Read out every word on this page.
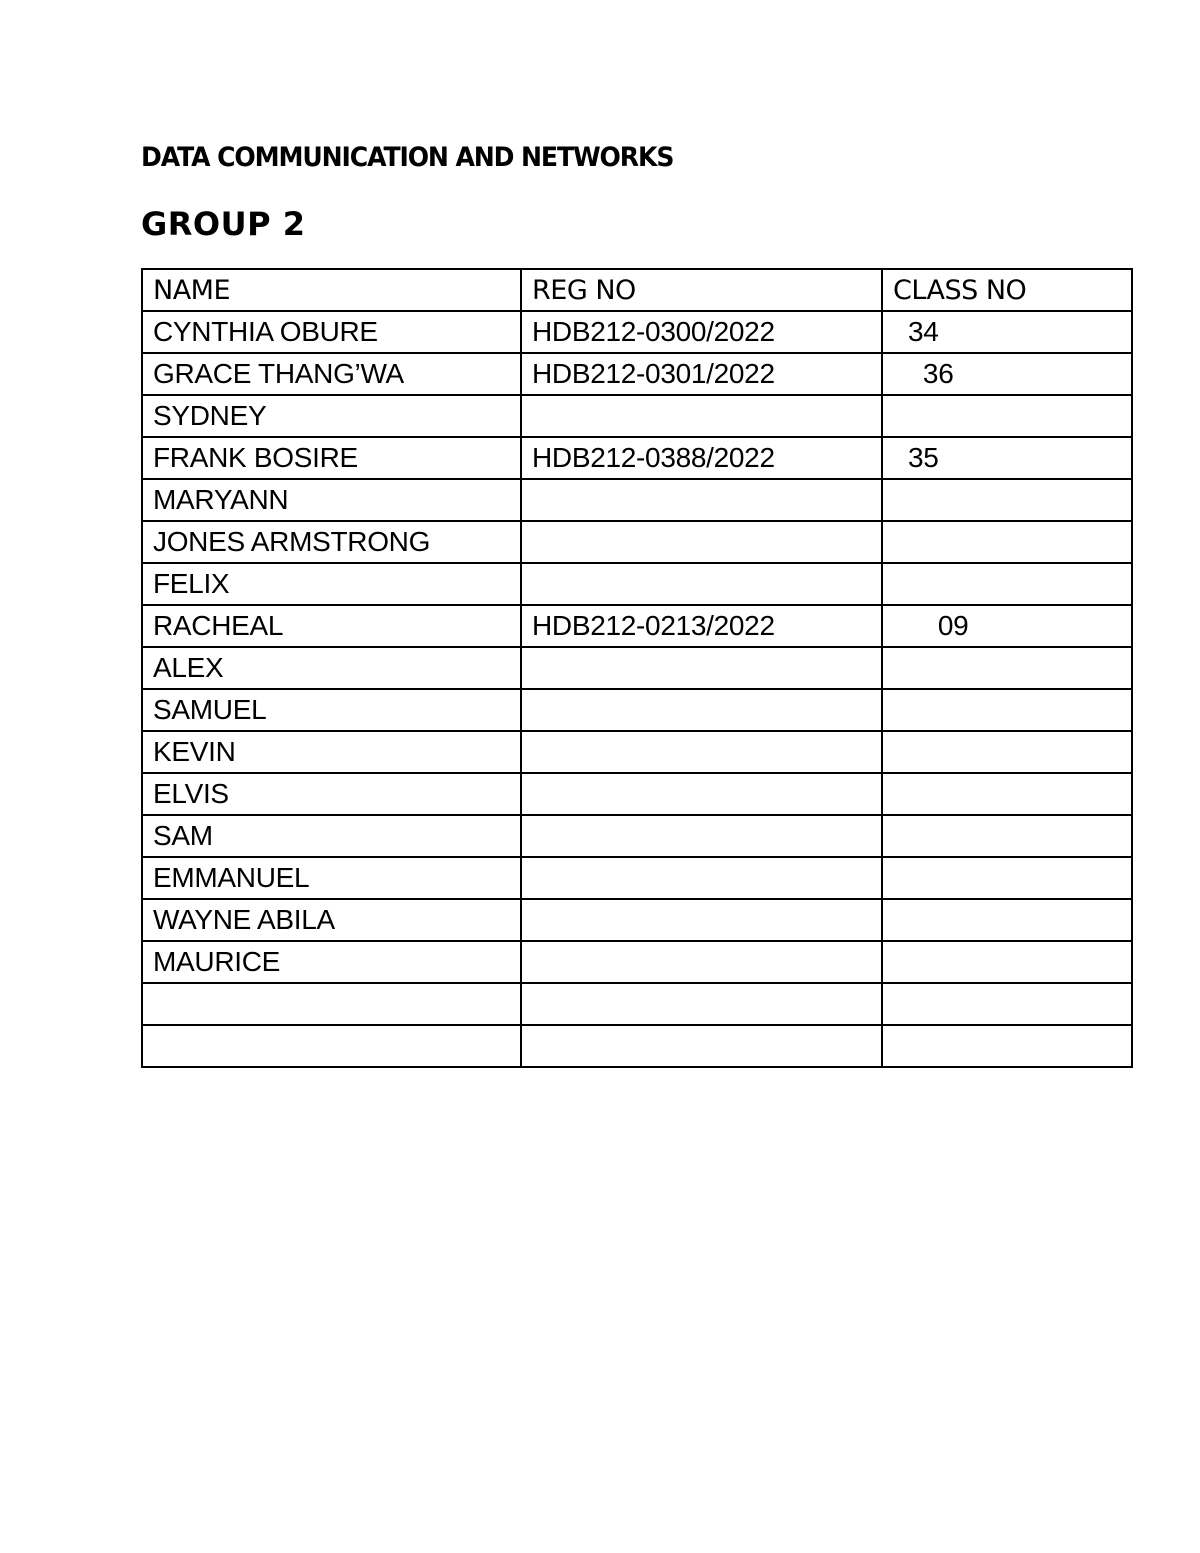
DATA COMMUNICATION AND NETWORKS
GROUP 2
NAME	REG NO	CLASS NO
CYNTHIA OBURE	HDB212-0300/2022	34
GRACE THANG’WA	HDB212-0301/2022	36
SYDNEY		
FRANK BOSIRE	HDB212-0388/2022	35
MARYANN		
JONES ARMSTRONG		
FELIX		
RACHEAL	HDB212-0213/2022	09
ALEX		
SAMUEL		
KEVIN		
ELVIS		
SAM		
EMMANUEL		
WAYNE ABILA		
MAURICE		
